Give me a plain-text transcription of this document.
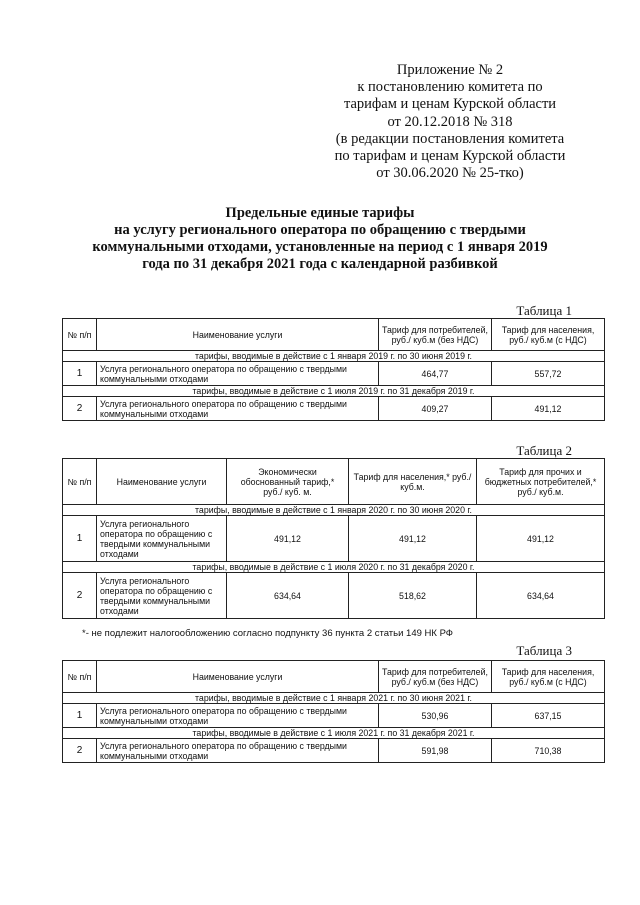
Приложение № 2
к постановлению комитета по
тарифам и ценам Курской области
от 20.12.2018 № 318
(в редакции постановления комитета
по тарифам и ценам Курской области
от 30.06.2020 № 25-тко)
Предельные единые тарифы
на услугу регионального оператора по обращению с твердыми
коммунальными отходами, установленные на период с 1 января 2019
года по 31 декабря 2021 года с календарной разбивкой
Таблица 1
№ п/п	Наименование услуги	Тариф для потребителей, руб./ куб.м (без НДС)	Тариф для населения, руб./ куб.м (с НДС)
тарифы, вводимые в действие с 1 января 2019 г. по 30 июня 2019 г.			
1	Услуга регионального оператора по обращению с твердыми коммунальными отходами	464,77	557,72
тарифы, вводимые в действие с 1 июля 2019 г. по 31 декабря 2019 г.			
2	Услуга регионального оператора по обращению с твердыми коммунальными отходами	409,27	491,12
Таблица 2
№ п/п	Наименование услуги	Экономически обоснованный тариф,* руб./ куб. м.	Тариф для населения,* руб./ куб.м.	Тариф для прочих и бюджетных потребителей,* руб./ куб.м.
тарифы, вводимые в действие с 1 января 2020 г. по 30 июня 2020 г.				
1	Услуга регионального оператора по обращению с твердыми коммунальными отходами	491,12	491,12	491,12
тарифы, вводимые в действие с 1 июля 2020 г. по 31 декабря 2020 г.				
2	Услуга регионального оператора по обращению с твердыми коммунальными отходами	634,64	518,62	634,64
*- не подлежит налогообложению согласно подпункту 36 пункта 2 статьи 149 НК РФ
Таблица 3
№ п/п	Наименование услуги	Тариф для потребителей, руб./ куб.м (без НДС)	Тариф для населения, руб./ куб.м (с НДС)
тарифы, вводимые в действие с 1 января 2021 г. по 30 июня 2021 г.			
1	Услуга регионального оператора по обращению с твердыми коммунальными отходами	530,96	637,15
тарифы, вводимые в действие с 1 июля 2021 г. по 31 декабря 2021 г.			
2	Услуга регионального оператора по обращению с твердыми коммунальными отходами	591,98	710,38
